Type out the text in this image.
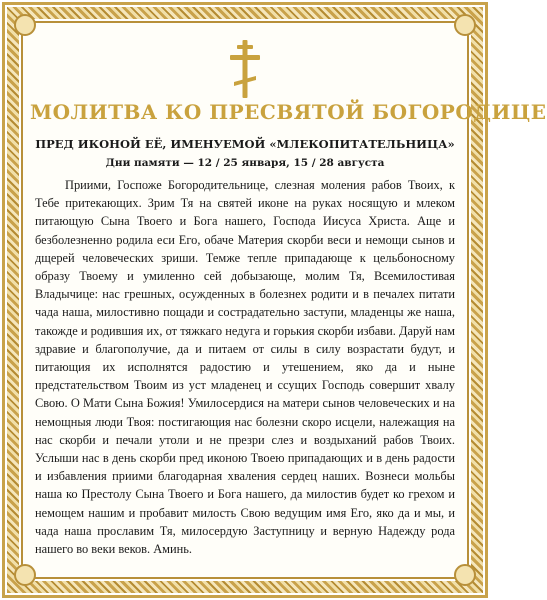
МОЛИТВА КО ПРЕСВЯТОЙ БОГОРОДИЦЕ
ПРЕД ИКОНОЙ ЕЁ, ИМЕНУЕМОЙ «МЛЕКОПИТАТЕЛЬНИЦА»
Дни памяти — 12 / 25 января, 15 / 28 августа

Приими, Госпоже Богородительнице, слезная моления рабов Твоих, к Тебе притекающих. Зрим Тя на святей иконе на руках носящую и млеком питающую Сына Твоего и Бога нашего, Господа Иисуса Христа. Аще и безболезненно родила еси Его, обаче Материя скорби веси и немощи сынов и дщерей человеческих зриши. Темже тепле припадающе к цельбоносному образу Твоему и умиленно сей добызающе, молим Тя, Всемилостивая Владычице: нас грешных, осужденных в болезнех родити и в печалех питати чада наша, милостивно пощади и сострадательно заступи, младенцы же наша, такожде и родившия их, от тяжкаго недуга и горькия скорби избави. Даруй нам здравие и благополучие, да и питаем от силы в силу возрастати будут, и питающия их исполнятся радостию и утешением, яко да и ныне предстательством Твоим из уст младенец и ссущих Господь совершит хвалу Свою. О Мати Сына Божия! Умилосердися на матери сынов человеческих и на немощныя люди Твоя: постигающия нас болезни скоро исцели, належащия на нас скорби и печали утоли и не презри слез и воздыханий рабов Твоих. Услыши нас в день скорби пред иконою Твоею припадающих и в день радости и избавления приими благодарная хваления сердец наших. Вознеси мольбы наша ко Престолу Сына Твоего и Бога нашего, да милостив будет ко грехом и немощем нашим и пробавит милость Свою ведущим имя Его, яко да и мы, и чада наша прославим Тя, милосердую Заступницу и верную Надежду рода нашего во веки веков. Аминь.
